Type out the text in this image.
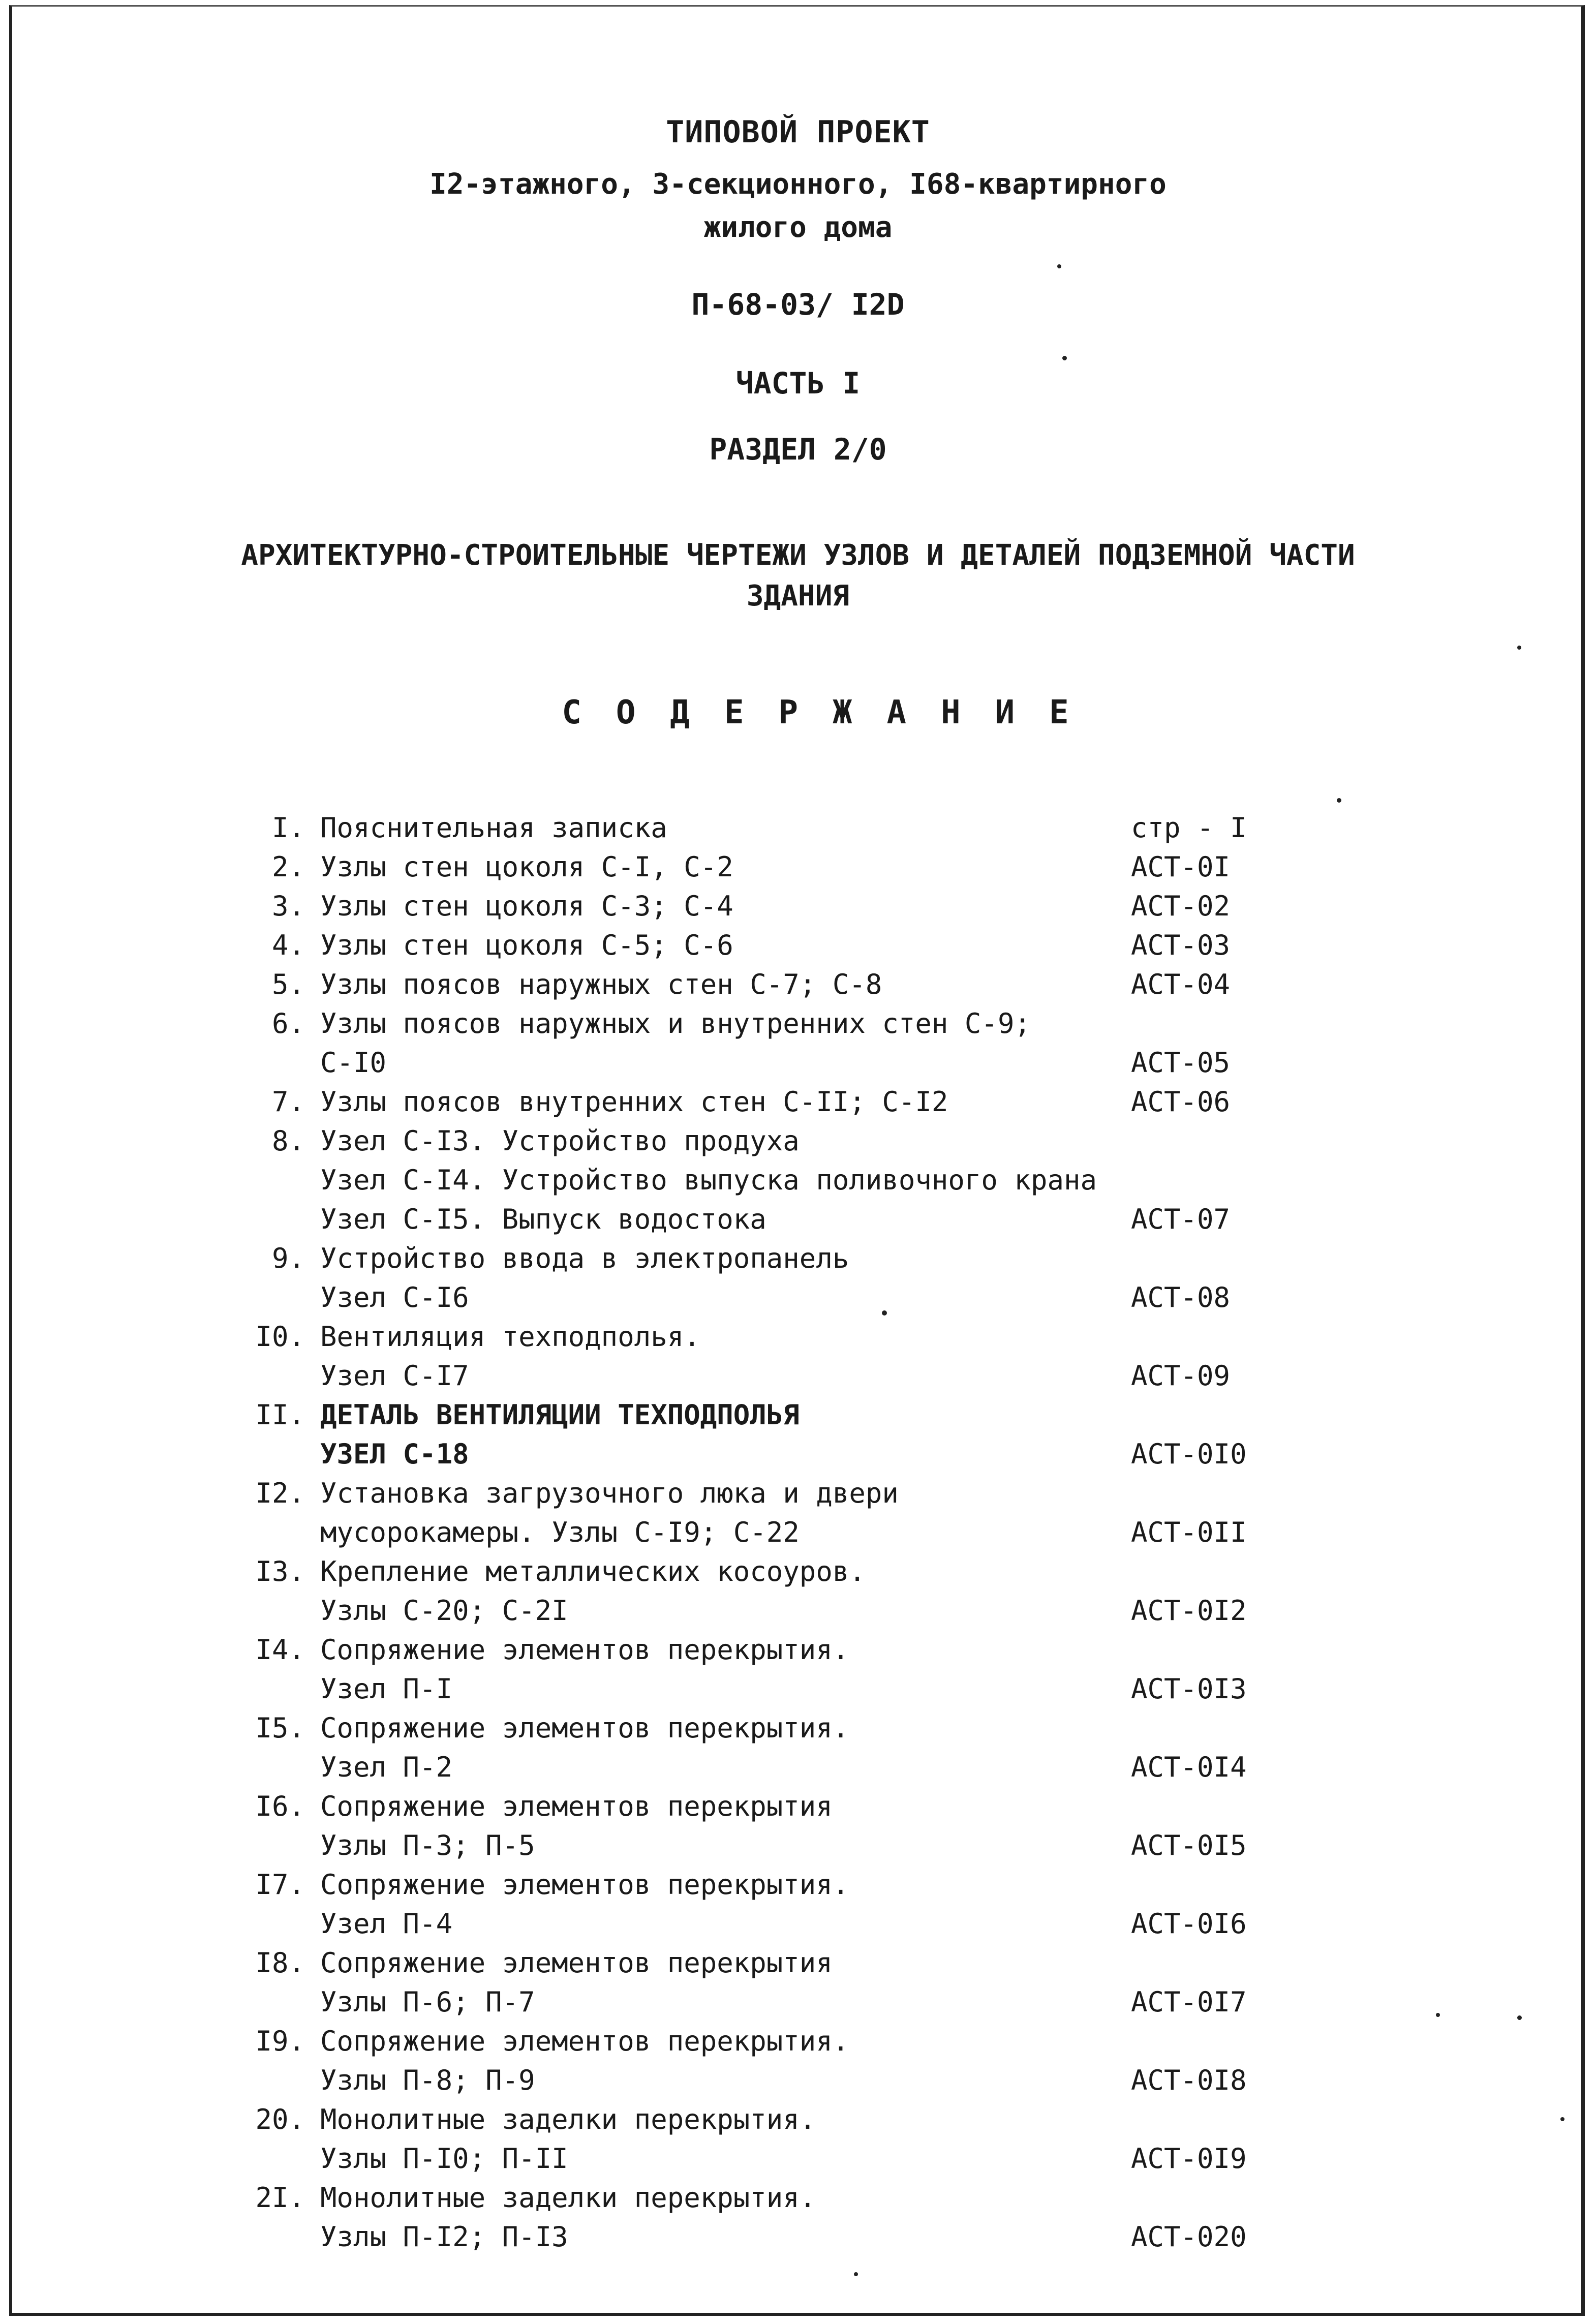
ТИПОВОЙ ПРОЕКТ
I2-этажного, 3-секционного, I68-квартирного
жилого дома
П-68-03/ I2D
ЧАСТЬ I
РАЗДЕЛ 2/0
АРХИТЕКТУРНО-СТРОИТЕЛЬНЫЕ ЧЕРТЕЖИ УЗЛОВ И ДЕТАЛЕЙ ПОДЗЕМНОЙ ЧАСТИ
ЗДАНИЯ
СОДЕРЖАНИЕ
I. Пояснительная записка	стр - I
2. Узлы стен цоколя С-I, С-2	АСТ-0I
3. Узлы стен цоколя С-3; С-4	АСТ-02
4. Узлы стен цоколя С-5; С-6	АСТ-03
5. Узлы поясов наружных стен С-7; С-8	АСТ-04
6. Узлы поясов наружных и внутренних стен С-9;
С-I0	АСТ-05
7. Узлы поясов внутренних стен С-II; С-I2	АСТ-06
8. Узел С-I3. Устройство продуха
Узел С-I4. Устройство выпуска поливочного крана
Узел С-I5. Выпуск водостока	АСТ-07
9. Устройство ввода в электропанель
Узел С-I6	АСТ-08
I0. Вентиляция техподполья.
Узел С-I7	АСТ-09
II. ДЕТАЛЬ ВЕНТИЛЯЦИИ ТЕХПОДПОЛЬЯ
УЗЕЛ С-18	АСТ-0I0
I2. Установка загрузочного люка и двери
мусорокамеры. Узлы С-I9; С-22	АСТ-0II
I3. Крепление металлических косоуров.
Узлы С-20; С-2I	АСТ-0I2
I4. Сопряжение элементов перекрытия.
Узел П-I	АСТ-0I3
I5. Сопряжение элементов перекрытия.
Узел П-2	АСТ-0I4
I6. Сопряжение элементов перекрытия
Узлы П-3; П-5	АСТ-0I5
I7. Сопряжение элементов перекрытия.
Узел П-4	АСТ-0I6
I8. Сопряжение элементов перекрытия
Узлы П-6; П-7	АСТ-0I7
I9. Сопряжение элементов перекрытия.
Узлы П-8; П-9	АСТ-0I8
20. Монолитные заделки перекрытия.
Узлы П-I0; П-II	АСТ-0I9
2I. Монолитные заделки перекрытия.
Узлы П-I2; П-I3	АСТ-020
